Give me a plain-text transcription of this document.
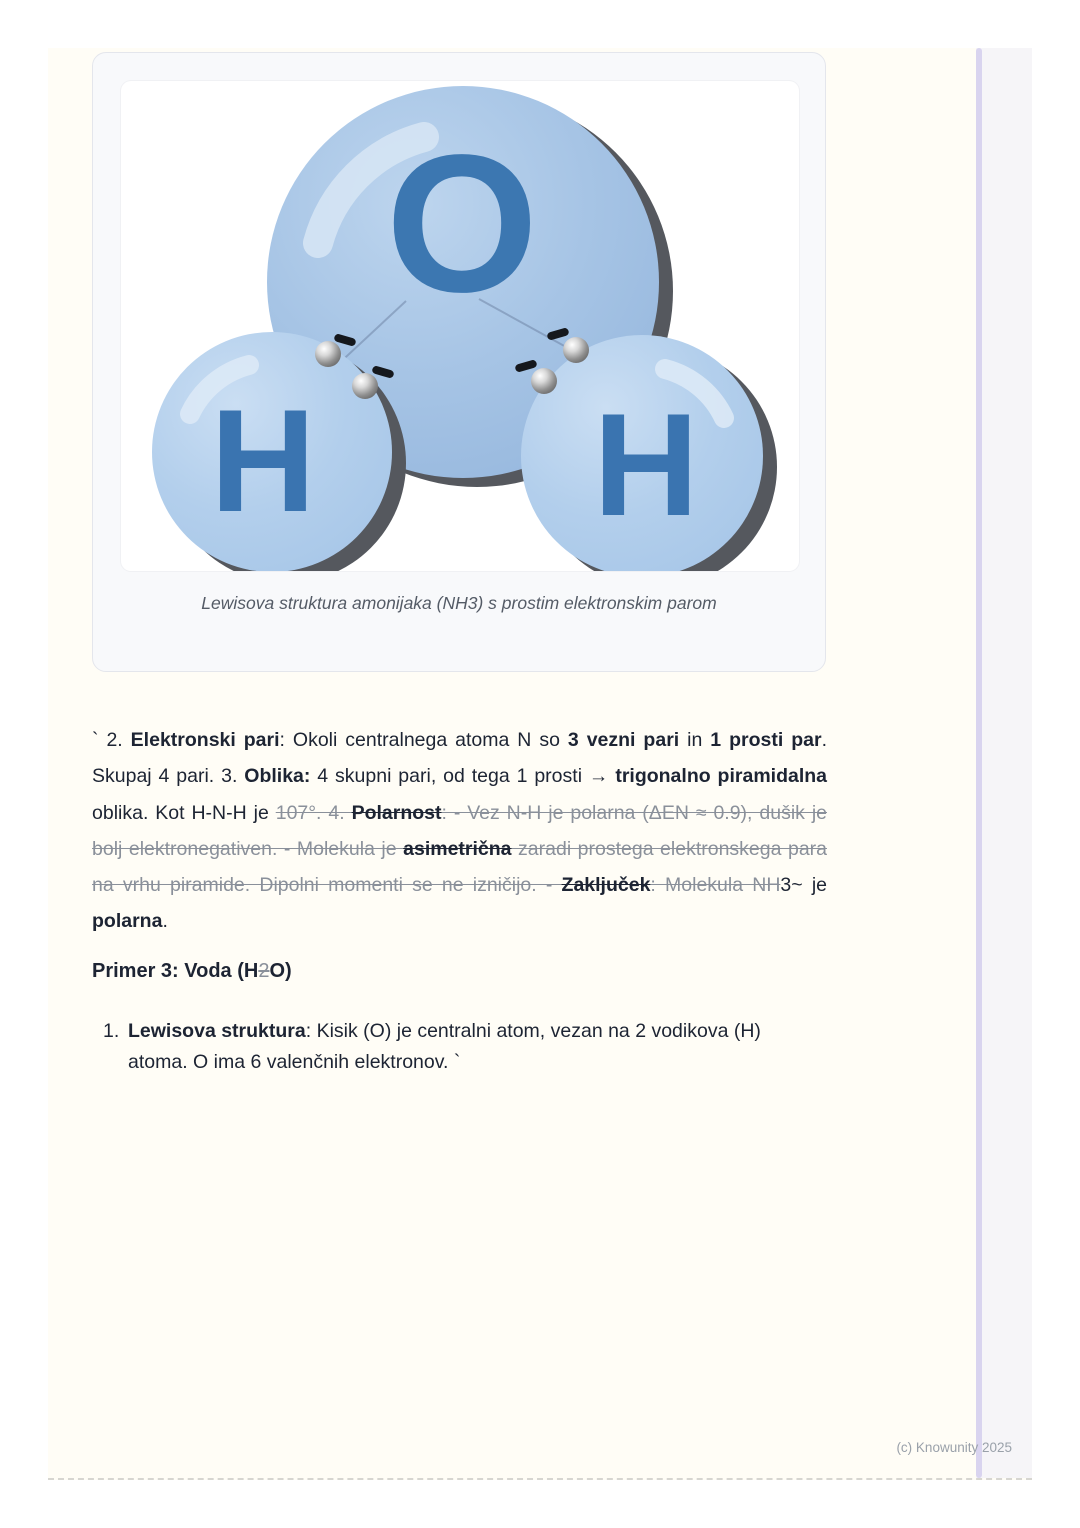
O
H H
Lewisova struktura amonijaka (NH3) s prostim elektronskim parom

` 2. Elektronski pari: Okoli centralnega atoma N so 3 vezni pari in 1 prosti par. Skupaj 4 pari. 3. Oblika: 4 skupni pari, od tega 1 prosti → trigonalno piramidalna oblika. Kot H-N-H je 107°. 4. Polarnost: - Vez N-H je polarna (ΔEN ≈ 0.9), dušik je bolj elektronegativen. - Molekula je asimetrična zaradi prostega elektronskega para na vrhu piramide. Dipolni momenti se ne izničijo. - Zaključek: Molekula NH3~ je polarna.

Primer 3: Voda (H2O)
1. Lewisova struktura: Kisik (O) je centralni atom, vezan na 2 vodikova (H) atoma. O ima 6 valenčnih elektronov. `
(c) Knowunity 2025
